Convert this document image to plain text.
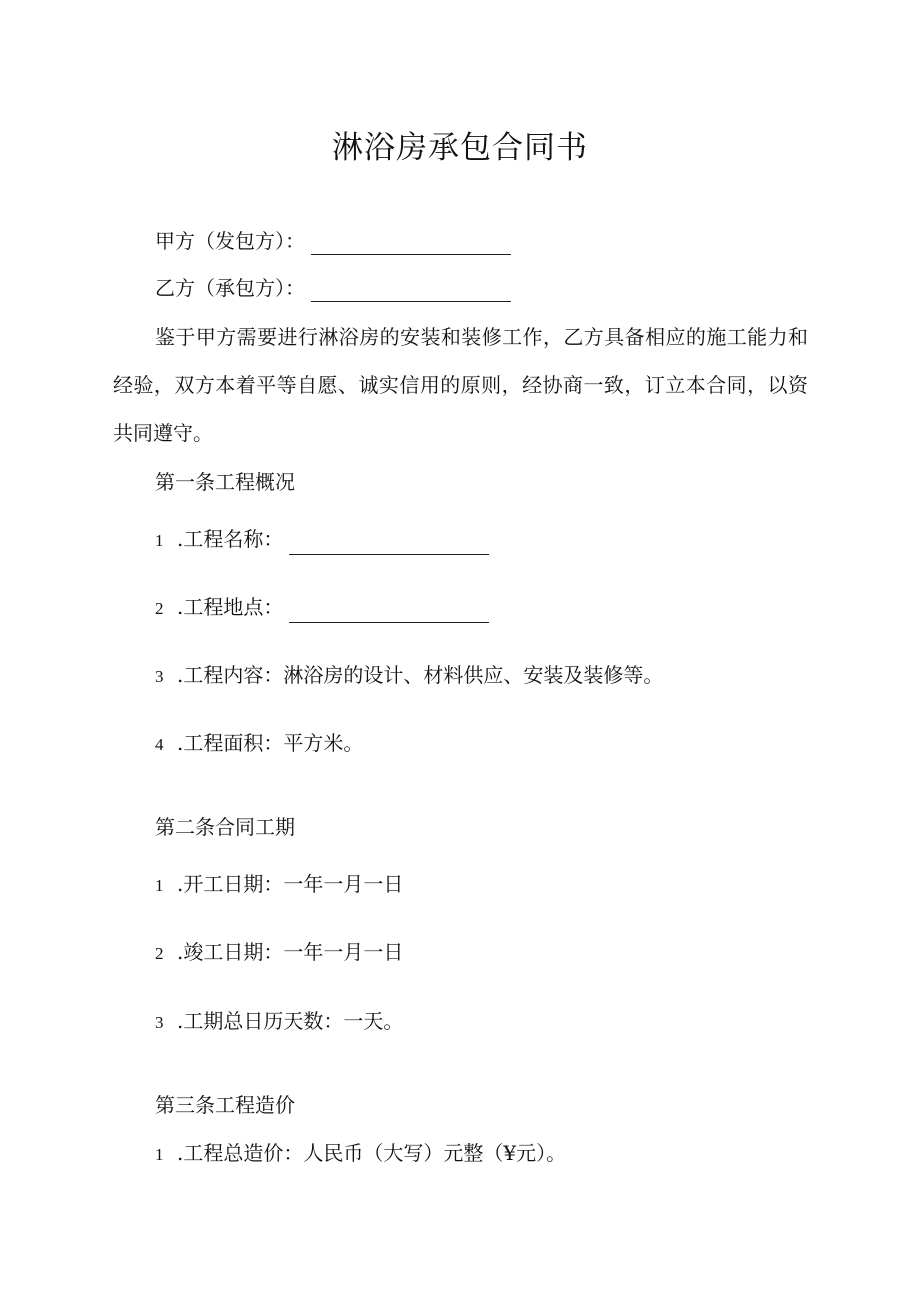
淋浴房承包合同书
甲方（发包方）：
乙方（承包方）：
鉴于甲方需要进行淋浴房的安装和装修工作，乙方具备相应的施工能力和经验，双方本着平等自愿、诚实信用的原则，经协商一致，订立本合同，以资共同遵守。
第一条工程概况
1 .工程名称：
2 .工程地点：
3 .工程内容：淋浴房的设计、材料供应、安装及装修等。
4 .工程面积：平方米。
第二条合同工期
1 .开工日期：一年一月一日
2 .竣工日期：一年一月一日
3 .工期总日历天数：一天。
第三条工程造价
1 .工程总造价：人民币（大写）元整（¥元）。
